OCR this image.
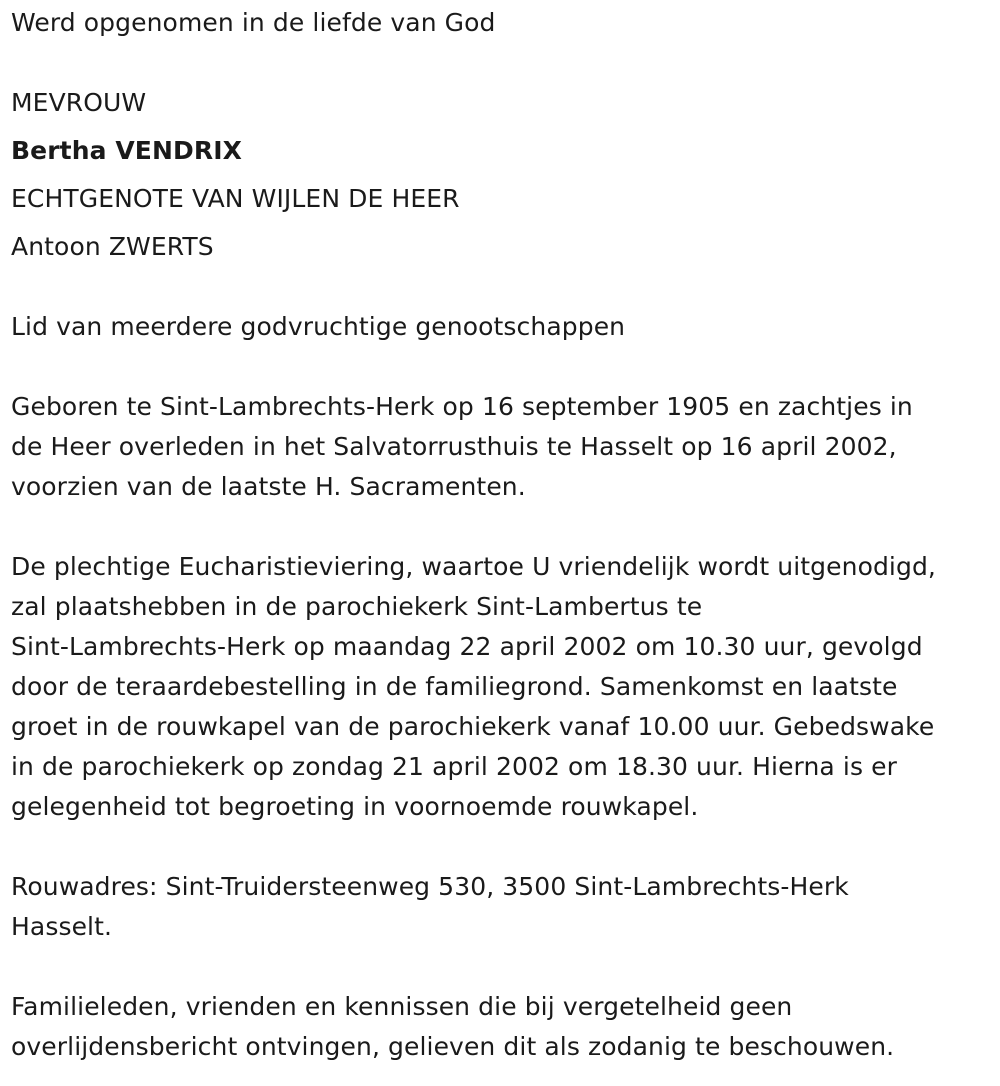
Werd opgenomen in de liefde van God
MEVROUW
Bertha VENDRIX
ECHTGENOTE VAN WIJLEN DE HEER
Antoon ZWERTS
Lid van meerdere godvruchtige genootschappen
Geboren te Sint-Lambrechts-Herk op 16 september 1905 en zachtjes in
de Heer overleden in het Salvatorrusthuis te Hasselt op 16 april 2002,
voorzien van de laatste H. Sacramenten.
De plechtige Eucharistieviering, waartoe U vriendelijk wordt uitgenodigd,
zal plaatshebben in de parochiekerk Sint-Lambertus te
Sint-Lambrechts-Herk op maandag 22 april 2002 om 10.30 uur, gevolgd
door de teraardebestelling in de familiegrond. Samenkomst en laatste
groet in de rouwkapel van de parochiekerk vanaf 10.00 uur. Gebedswake
in de parochiekerk op zondag 21 april 2002 om 18.30 uur. Hierna is er
gelegenheid tot begroeting in voornoemde rouwkapel.
Rouwadres: Sint-Truidersteenweg 530, 3500 Sint-Lambrechts-Herk
Hasselt.
Familieleden, vrienden en kennissen die bij vergetelheid geen
overlijdensbericht ontvingen, gelieven dit als zodanig te beschouwen.
